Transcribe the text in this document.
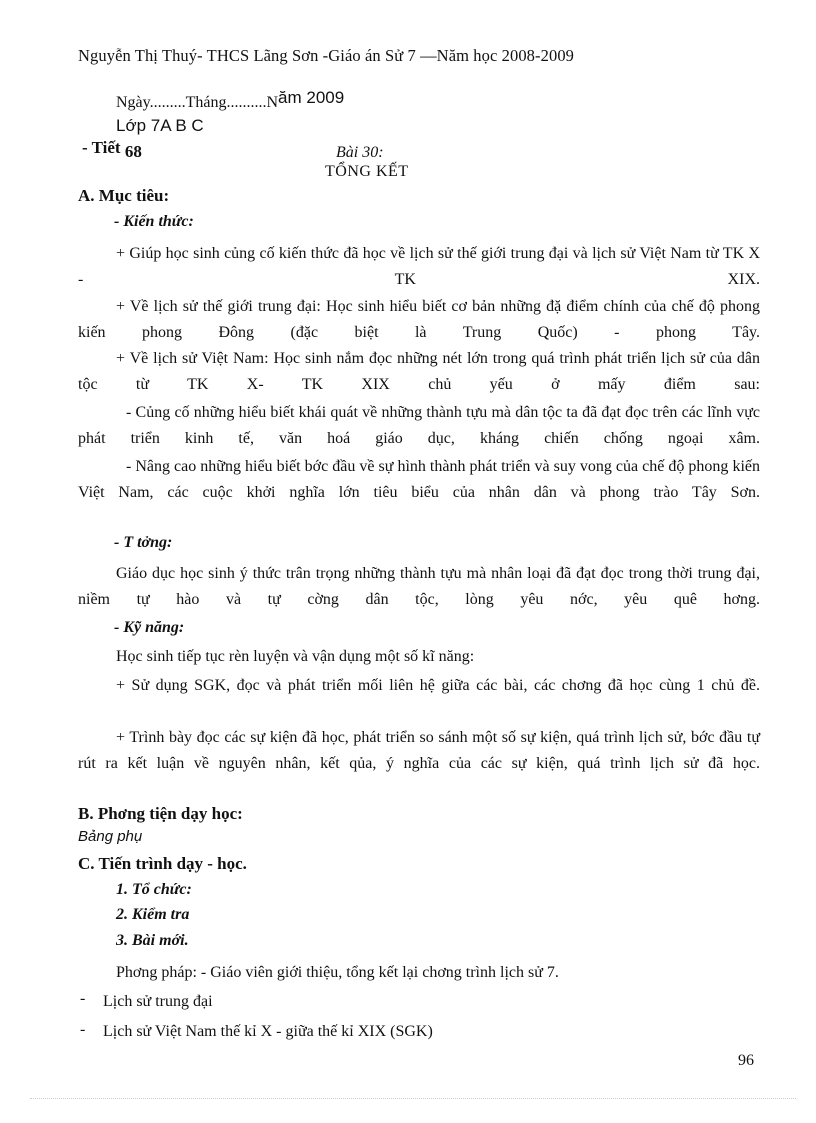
Nguyễn Thị Thuý- THCS Lãng Sơn -Giáo án Sử 7 —Năm học 2008-2009
Ngày.........Tháng..........Năm 2009
Lớp 7A B C
- Tiết 68	Bài 30:
TỔNG KẾT
A. Mục tiêu:
- Kiến thức:
+ Giúp học sinh củng cố kiến thức đã học về lịch sử thế giới trung đại và lịch sử Việt Nam từ TK X - TK XIX.
+ Về lịch sử thế giới trung đại: Học sinh hiểu biết cơ bản những đặ điểm chính của chế độ phong kiến phong Đông (đặc biệt là Trung Quốc) - phong Tây.
+ Về lịch sử Việt Nam: Học sinh nắm đọc những nét lớn trong quá trình phát triển lịch sử của dân tộc từ TK X- TK XIX chủ yếu ở mấy điểm sau:
- Củng cố những hiểu biết khái quát về những thành tựu mà dân tộc ta đã đạt đọc trên các lĩnh vực phát triển kinh tế, văn hoá giáo dục, kháng chiến chống ngoại xâm.
- Nâng cao những hiểu biết bớc đầu về sự hình thành phát triển và suy vong của chế độ phong kiến Việt Nam, các cuộc khởi nghĩa lớn tiêu biểu của nhân dân và phong trào Tây Sơn.
- T tởng:
Giáo dục học sinh ý thức trân trọng những thành tựu mà nhân loại đã đạt đọc trong thời trung đại, niềm tự hào và tự cờng dân tộc, lòng yêu nớc, yêu quê hơng.
- Kỹ năng:
Học sinh tiếp tục rèn luyện và vận dụng một số kĩ năng:
+ Sử dụng SGK, đọc và phát triển mối liên hệ giữa các bài, các chơng đã học cùng 1 chủ đề.
+ Trình bày đọc các sự kiện đã học, phát triển so sánh một số sự kiện, quá trình lịch sử, bớc đầu tự rút ra kết luận về nguyên nhân, kết qủa, ý nghĩa của các sự kiện, quá trình lịch sử đã học.
B. Phơng tiện dạy học:
Bảng phụ
C. Tiến trình dạy - học.
1. Tổ chức:
2. Kiểm tra
3. Bài mới.
Phơng pháp: - Giáo viên giới thiệu, tổng kết lại chơng trình lịch sử 7.
- Lịch sử trung đại
- Lịch sử Việt Nam thế kỉ X - giữa thế kỉ XIX (SGK)
96
